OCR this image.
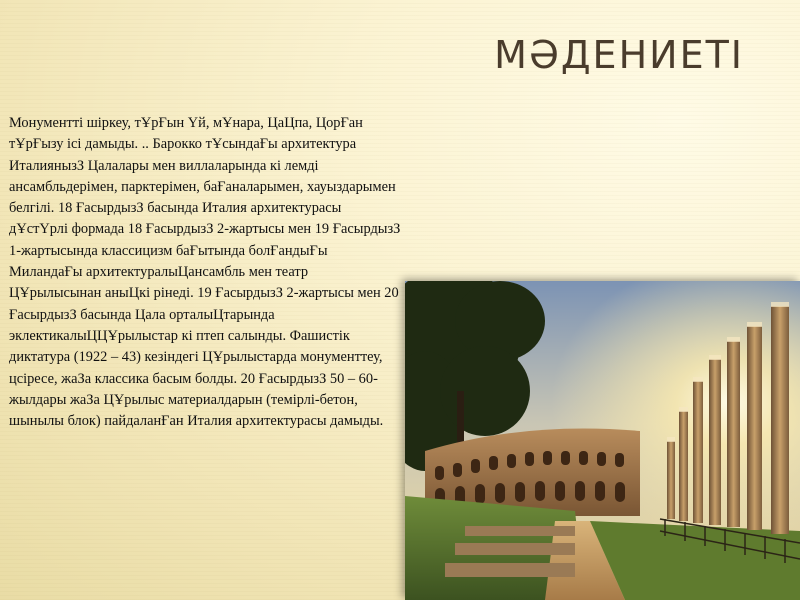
МӘДЕНИЕТІ

Монументті шіркеу, тҰрҒын Үй, мҰнара, ЦаЦпа, ЦорҒан тҰрҒызу ісі дамыды. .. Барокко тҰсындаҒы архитектура ИталиянызЗ Цалалары мен виллаларында кі лемді ансамбльдерімен, парктерімен, баҒаналарымен, хауыздарымен белгілі. 18 ҒасырдызЗ басында Италия архитектурасы дҰстҮрлі формада 18 ҒасырдызЗ 2-жартысы мен 19 ҒасырдызЗ 1-жартысында классицизм баҒытында болҒандыҒы МиландаҒы архитектуралыЦансамбль мен театр ЦҰрылысынан аныЦкі рінеді. 19 ҒасырдызЗ 2-жартысы мен 20 ҒасырдызЗ басында Цала орталыЦтарында эклектикалыЦЦҰрылыстар кі птеп салынды. Фашистік диктатура (1922 – 43) кезіндегі ЦҰрылыстарда монументтеу, цсіресе, жаЗа классика басым болды. 20 ҒасырдызЗ 50 – 60-жылдары жаЗа ЦҰрылыс материалдарын (темірлі-бетон, шынылы блок) пайдаланҒан Италия архитектурасы дамыды.
